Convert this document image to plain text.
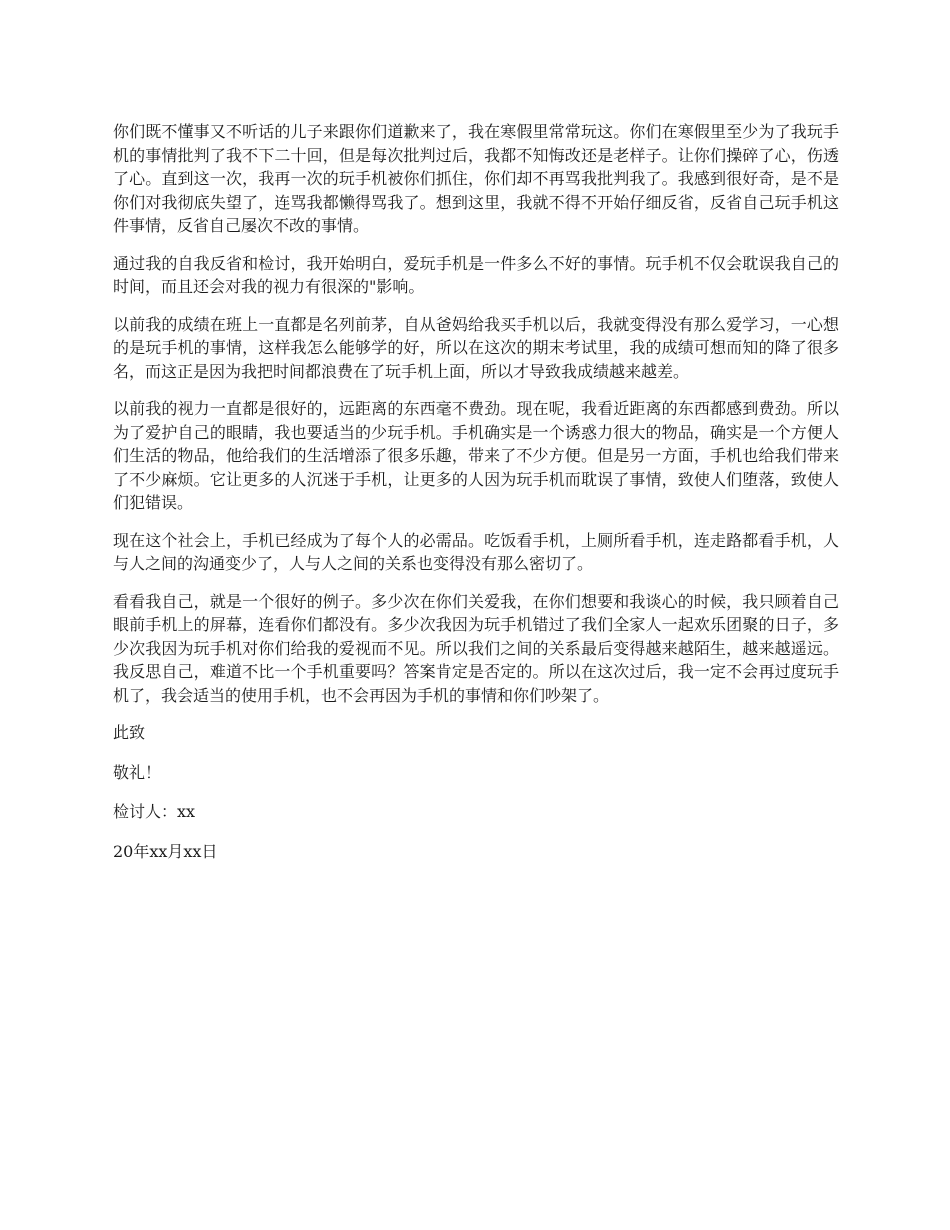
你们既不懂事又不听话的儿子来跟你们道歉来了，我在寒假里常常玩这。你们在寒假里至少为了我玩手机的事情批判了我不下二十回，但是每次批判过后，我都不知悔改还是老样子。让你们操碎了心，伤透了心。直到这一次，我再一次的玩手机被你们抓住，你们却不再骂我批判我了。我感到很好奇，是不是你们对我彻底失望了，连骂我都懒得骂我了。想到这里，我就不得不开始仔细反省，反省自己玩手机这件事情，反省自己屡次不改的事情。

通过我的自我反省和检讨，我开始明白，爱玩手机是一件多么不好的事情。玩手机不仅会耽误我自己的时间，而且还会对我的视力有很深的"影响。

以前我的成绩在班上一直都是名列前茅，自从爸妈给我买手机以后，我就变得没有那么爱学习，一心想的是玩手机的事情，这样我怎么能够学的好，所以在这次的期末考试里，我的成绩可想而知的降了很多名，而这正是因为我把时间都浪费在了玩手机上面，所以才导致我成绩越来越差。

以前我的视力一直都是很好的，远距离的东西毫不费劲。现在呢，我看近距离的东西都感到费劲。所以为了爱护自己的眼睛，我也要适当的少玩手机。手机确实是一个诱惑力很大的物品，确实是一个方便人们生活的物品，他给我们的生活增添了很多乐趣，带来了不少方便。但是另一方面，手机也给我们带来了不少麻烦。它让更多的人沉迷于手机，让更多的人因为玩手机而耽误了事情，致使人们堕落，致使人们犯错误。

现在这个社会上，手机已经成为了每个人的必需品。吃饭看手机，上厕所看手机，连走路都看手机，人与人之间的沟通变少了，人与人之间的关系也变得没有那么密切了。

看看我自己，就是一个很好的例子。多少次在你们关爱我，在你们想要和我谈心的时候，我只顾着自己眼前手机上的屏幕，连看你们都没有。多少次我因为玩手机错过了我们全家人一起欢乐团聚的日子，多少次我因为玩手机对你们给我的爱视而不见。所以我们之间的关系最后变得越来越陌生，越来越遥远。我反思自己，难道不比一个手机重要吗？答案肯定是否定的。所以在这次过后，我一定不会再过度玩手机了，我会适当的使用手机，也不会再因为手机的事情和你们吵架了。

此致

敬礼！

检讨人：xx

20年xx月xx日
